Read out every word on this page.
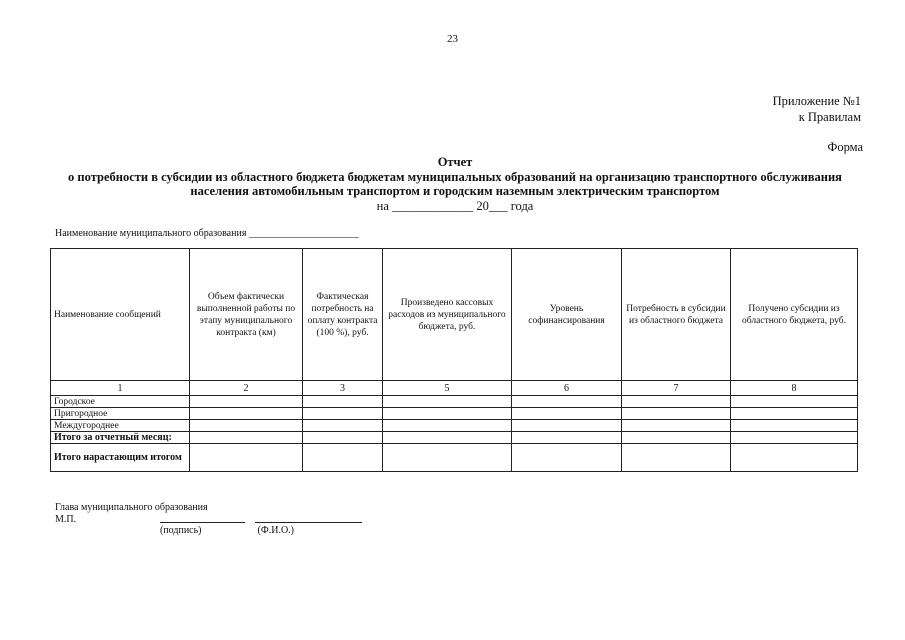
23
Приложение №1
к Правилам
Форма
Отчет
о потребности в субсидии из областного бюджета бюджетам муниципальных образований на организацию транспортного обслуживания
населения автомобильным транспортом и городским наземным электрическим транспортом
на _____________ 20___ года
Наименование муниципального образования ______________________
Наименование сообщений	Объем фактически выполненной работы по этапу муниципального контракта (км)	Фактическая потребность на оплату контракта (100 %), руб.	Произведено кассовых расходов из муниципального бюджета, руб.	Уровень софинансирования	Потребность в субсидии из областного бюджета	Получено субсидии из областного бюджета, руб.
1	2	3	5	6	7	8
Городское						
Пригородное						
Междугороднее						
Итого за отчетный месяц:						
Итого нарастающим итогом						
Глава муниципального образования
М.П.
(подпись)	(Ф.И.О.)
